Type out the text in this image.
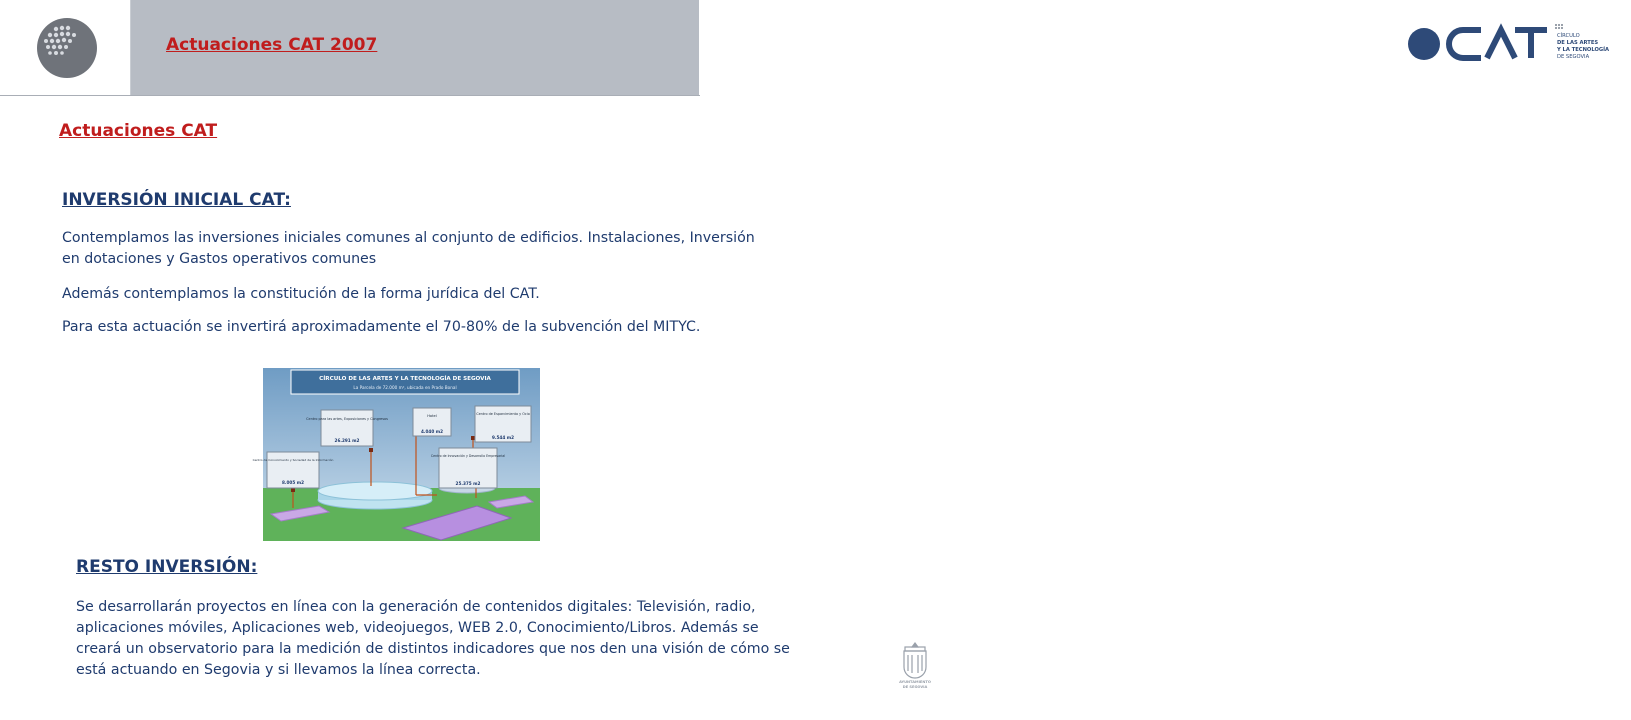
Actuaciones CAT 2007	CÍRCULO
DE LAS ARTES
Y LA TECNOLOGÍA
DE SEGOVIA
Actuaciones CAT
INVERSIÓN INICIAL CAT:

Contemplamos las inversiones iniciales comunes al conjunto de edificios. Instalaciones, Inversión en dotaciones y Gastos operativos comunes

Además contemplamos la constitución de la forma jurídica del CAT.

Para esta actuación se invertirá aproximadamente el 70-80% de la subvención del MITYC.

CÍRCULO DE LAS ARTES Y LA TECNOLOGÍA DE SEGOVIA
La Parcela de 72.000 m², ubicada en Prado Bonal
Centro para las artes, Exposiciones y Congresos
26.291 m2
Hotel
4.040 m2
Centro de Esparcimiento y Ocio
9.544 m2
Centro de Conocimiento y Sociedad de la Información
8.005 m2
Centro de Innovación y Desarrollo Empresarial
25.375 m2
RESTO INVERSIÓN:

Se desarrollarán proyectos en línea con la generación de contenidos digitales: Televisión, radio, aplicaciones móviles, Aplicaciones web, videojuegos, WEB 2.0, Conocimiento/Libros. Además se creará un observatorio para la medición de distintos indicadores que nos den una visión de cómo se está actuando en Segovia y si llevamos la línea correcta.

AYUNTAMIENTO
DE SEGOVIA
